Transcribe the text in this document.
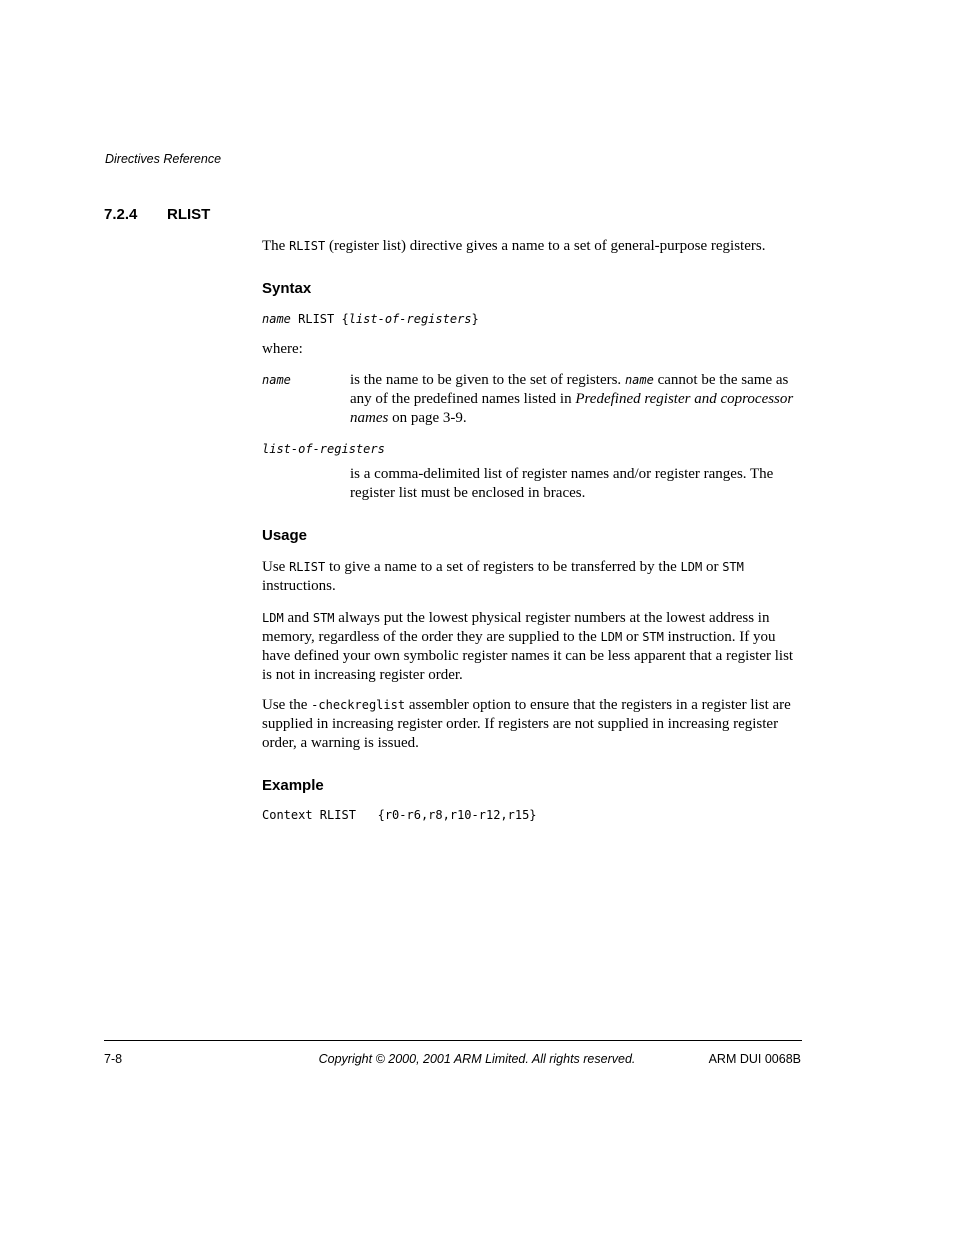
Directives Reference
7.2.4 RLIST

The RLIST (register list) directive gives a name to a set of general-purpose registers.

Syntax
name RLIST {list-of-registers}
where:
name	is the name to be given to the set of registers. name cannot be the same as any of the predefined names listed in Predefined register and coprocessor names on page 3-9.

list-of-registers

is a comma-delimited list of register names and/or register ranges. The register list must be enclosed in braces.

Usage

Use RLIST to give a name to a set of registers to be transferred by the LDM or STM instructions.

LDM and STM always put the lowest physical register numbers at the lowest address in memory, regardless of the order they are supplied to the LDM or STM instruction. If you have defined your own symbolic register names it can be less apparent that a register list is not in increasing register order.

Use the -checkreglist assembler option to ensure that the registers in a register list are supplied in increasing register order. If registers are not supplied in increasing register order, a warning is issued.

Example
Context RLIST   {r0-r6,r8,r10-r12,r15}
7-8	Copyright © 2000, 2001 ARM Limited. All rights reserved.	ARM DUI 0068B
